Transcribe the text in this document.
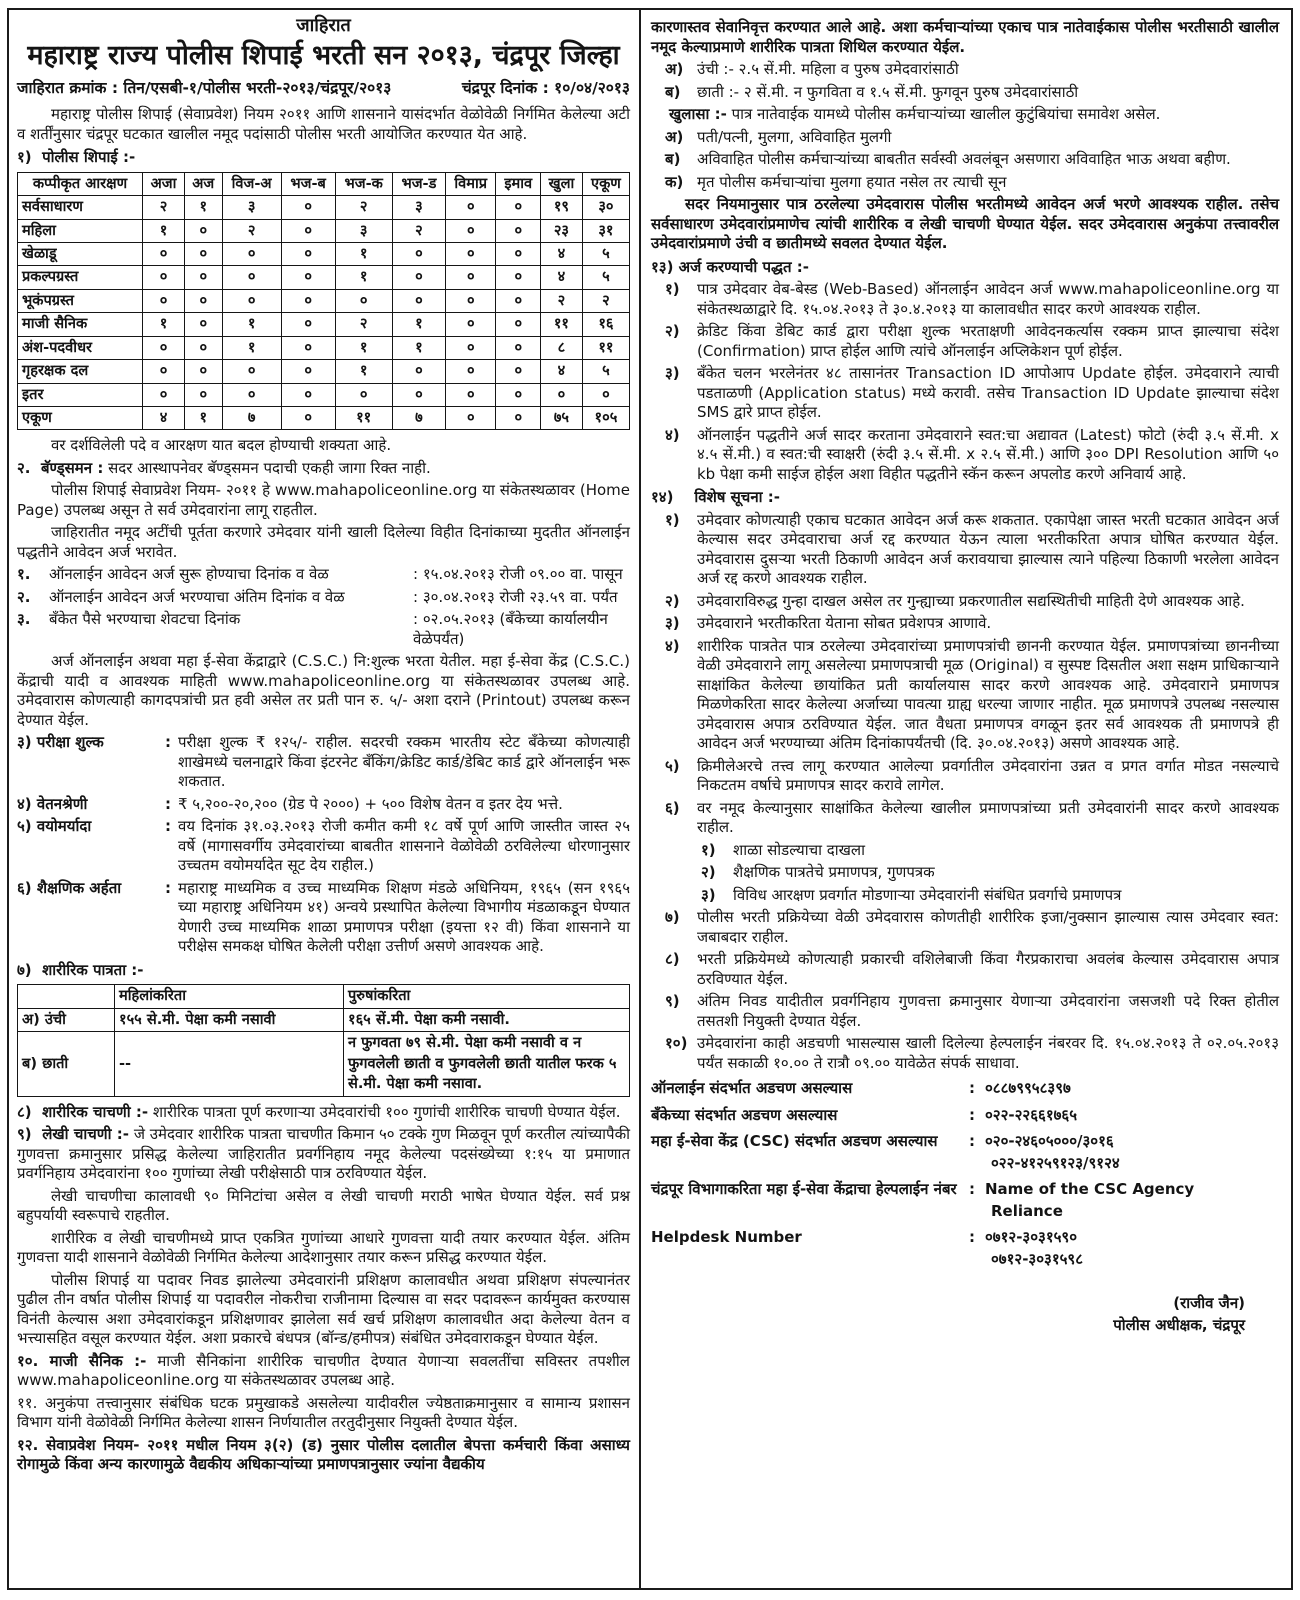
जाहिरात
महाराष्ट्र राज्य पोलीस शिपाई भरती सन २०१३, चंद्रपूर जिल्हा
जाहिरात क्रमांक : तिन/एसबी-१/पोलीस भरती-२०१३/चंद्रपूर/२०१३	चंद्रपूर दिनांक : १०/०४/२०१३
महाराष्ट्र पोलीस शिपाई (सेवाप्रवेश) नियम २०११ आणि शासनाने यासंदर्भात वेळोवेळी निर्गमित केलेल्या अटी व शर्तींनुसार चंद्रपूर घटकात खालील नमूद पदांसाठी पोलीस भरती आयोजित करण्यात येत आहे.
१)  पोलीस शिपाई :-
कप्पीकृत आरक्षण	अजा	अज	विज-अ	भज-ब	भज-क	भज-ड	विमाप्र	इमाव	खुला	एकूण
सर्वसाधारण	२	१	३	०	२	३	०	०	१९	३०
महिला	१	०	२	०	३	२	०	०	२३	३१
खेळाडू	०	०	०	०	१	०	०	०	४	५
प्रकल्पग्रस्त	०	०	०	०	१	०	०	०	४	५
भूकंपग्रस्त	०	०	०	०	०	०	०	०	२	२
माजी सैनिक	१	०	१	०	२	१	०	०	११	१६
अंश-पदवीधर	०	०	१	०	१	१	०	०	८	११
गृहरक्षक दल	०	०	०	०	१	०	०	०	४	५
इतर	०	०	०	०	०	०	०	०	०	०
एकूण	४	१	७	०	११	७	०	०	७५	१०५
वर दर्शविलेली पदे व आरक्षण यात बदल होण्याची शक्यता आहे.
२.  बॅण्ड्समन : सदर आस्थापनेवर बॅण्ड्समन पदाची एकही जागा रिक्त नाही.
पोलीस शिपाई सेवाप्रवेश नियम- २०११ हे www.mahapoliceonline.org या संकेतस्थळावर (Home Page) उपलब्ध असून ते सर्व उमेदवारांना लागू राहतील.
जाहिरातीत नमूद अटींची पूर्तता करणारे उमेदवार यांनी खाली दिलेल्या विहीत दिनांकाच्या मुदतीत ऑनलाईन पद्धतीने आवेदन अर्ज भरावेत.
१.	ऑनलाईन आवेदन अर्ज सुरू होण्याचा दिनांक व वेळ	: १५.०४.२०१३ रोजी ०९.०० वा. पासून
२.	ऑनलाईन आवेदन अर्ज भरण्याचा अंतिम दिनांक व वेळ	: ३०.०४.२०१३ रोजी २३.५९ वा. पर्यंत
३.	बँकेत पैसे भरण्याचा शेवटचा दिनांक	: ०२.०५.२०१३ (बँकेच्या कार्यालयीन वेळेपर्यंत)
अर्ज ऑनलाईन अथवा महा ई-सेवा केंद्राद्वारे (C.S.C.) नि:शुल्क भरता येतील. महा ई-सेवा केंद्र (C.S.C.) केंद्राची यादी व आवश्यक माहिती www.mahapoliceonline.org या संकेतस्थळावर उपलब्ध आहे. उमेदवारास कोणत्याही कागदपत्रांची प्रत हवी असेल तर प्रती पान रु. ५/- अशा दराने (Printout) उपलब्ध करून देण्यात येईल.
३) परीक्षा शुल्क	: परीक्षा शुल्क ₹ १२५/- राहील. सदरची रक्कम भारतीय स्टेट बँकेच्या कोणत्याही शाखेमध्ये चलनाद्वारे किंवा इंटरनेट बँकिंग/क्रेडिट कार्ड/डेबिट कार्ड द्वारे ऑनलाईन भरू शकतात.
४) वेतनश्रेणी	: ₹ ५,२००-२०,२०० (ग्रेड पे २०००) + ५०० विशेष वेतन व इतर देय भत्ते.
५) वयोमर्यादा	: वय दिनांक ३१.०३.२०१३ रोजी कमीत कमी १८ वर्षे पूर्ण आणि जास्तीत जास्त २५ वर्षे (मागासवर्गीय उमेदवारांच्या बाबतीत शासनाने वेळोवेळी ठरविलेल्या धोरणानुसार उच्चतम वयोमर्यादेत सूट देय राहील.)
६) शैक्षणिक अर्हता	: महाराष्ट्र माध्यमिक व उच्च माध्यमिक शिक्षण मंडळे अधिनियम, १९६५ (सन १९६५ च्या महाराष्ट्र अधिनियम ४१) अन्वये प्रस्थापित केलेल्या विभागीय मंडळाकडून घेण्यात येणारी उच्च माध्यमिक शाळा प्रमाणपत्र परीक्षा (इयत्ता १२ वी) किंवा शासनाने या परीक्षेस समकक्ष घोषित केलेली परीक्षा उत्तीर्ण असणे आवश्यक आहे.
७)  शारीरिक पात्रता :-
	महिलांकरिता	पुरुषांकरिता
अ) उंची	१५५ से.मी. पेक्षा कमी नसावी	१६५ सें.मी. पेक्षा कमी नसावी.
ब) छाती	--	न फुगवता ७९ से.मी. पेक्षा कमी नसावी व न फुगवलेली छाती व फुगवलेली छाती यातील फरक ५ से.मी. पेक्षा कमी नसावा.
८)  शारीरिक चाचणी :- शारीरिक पात्रता पूर्ण करणाऱ्या उमेदवारांची १०० गुणांची शारीरिक चाचणी घेण्यात येईल.
९)  लेखी चाचणी :- जे उमेदवार शारीरिक पात्रता चाचणीत किमान ५० टक्के गुण मिळवून पूर्ण करतील त्यांच्यापैकी गुणवत्ता क्रमानुसार प्रसिद्ध केलेल्या जाहिरातीत प्रवर्गनिहाय नमूद केलेल्या पदसंख्येच्या १:१५ या प्रमाणात प्रवर्गनिहाय उमेदवारांना १०० गुणांच्या लेखी परीक्षेसाठी पात्र ठरविण्यात येईल.
लेखी चाचणीचा कालावधी ९० मिनिटांचा असेल व लेखी चाचणी मराठी भाषेत घेण्यात येईल. सर्व प्रश्न बहुपर्यायी स्वरूपाचे राहतील.
शारीरिक व लेखी चाचणीमध्ये प्राप्त एकत्रित गुणांच्या आधारे गुणवत्ता यादी तयार करण्यात येईल. अंतिम गुणवत्ता यादी शासनाने वेळोवेळी निर्गमित केलेल्या आदेशानुसार तयार करून प्रसिद्ध करण्यात येईल.
पोलीस शिपाई या पदावर निवड झालेल्या उमेदवारांनी प्रशिक्षण कालावधीत अथवा प्रशिक्षण संपल्यानंतर पुढील तीन वर्षात पोलीस शिपाई या पदावरील नोकरीचा राजीनामा दिल्यास वा सदर पदावरून कार्यमुक्त करण्यास विनंती केल्यास अशा उमेदवारांकडून प्रशिक्षणावर झालेला सर्व खर्च प्रशिक्षण कालावधीत अदा केलेल्या वेतन व भत्त्यासहित वसूल करण्यात येईल. अशा प्रकारचे बंधपत्र (बॉन्ड/हमीपत्र) संबंधित उमेदवाराकडून घेण्यात येईल.
१०. माजी सैनिक :- माजी सैनिकांना शारीरिक चाचणीत देण्यात येणाऱ्या सवलतींचा सविस्तर तपशील www.mahapoliceonline.org या संकेतस्थळावर उपलब्ध आहे.
११. अनुकंपा तत्त्वानुसार संबंधिक घटक प्रमुखाकडे असलेल्या यादीवरील ज्येष्ठताक्रमानुसार व सामान्य प्रशासन विभाग यांनी वेळोवेळी निर्गमित केलेल्या शासन निर्णयातील तरतुदीनुसार नियुक्ती देण्यात येईल.
१२. सेवाप्रवेश नियम- २०११ मधील नियम ३(२) (ड) नुसार पोलीस दलातील बेपत्ता कर्मचारी किंवा असाध्य रोगामुळे किंवा अन्य कारणामुळे वैद्यकीय अधिकाऱ्यांच्या प्रमाणपत्रानुसार ज्यांना वैद्यकीय
कारणास्तव सेवानिवृत्त करण्यात आले आहे. अशा कर्मचाऱ्यांच्या एकाच पात्र नातेवाईकास पोलीस भरतीसाठी खालील नमूद केल्याप्रमाणे शारीरिक पात्रता शिथिल करण्यात येईल.
अ) उंची :- २.५ सें.मी. महिला व पुरुष उमेदवारांसाठी
ब)	छाती :- २ सें.मी. न फुगविता व १.५ सें.मी. फुगवून पुरुष उमेदवारांसाठी
खुलासा :- पात्र नातेवाईक यामध्ये पोलीस कर्मचाऱ्यांच्या खालील कुटुंबियांचा समावेश असेल.
अ) पती/पत्नी, मुलगा, अविवाहित मुलगी
ब)	अविवाहित पोलीस कर्मचाऱ्यांच्या बाबतीत सर्वस्वी अवलंबून असणारा अविवाहित भाऊ अथवा बहीण.
क) मृत पोलीस कर्मचाऱ्यांचा मुलगा हयात नसेल तर त्याची सून
सदर नियमानुसार पात्र ठरलेल्या उमेदवारास पोलीस भरतीमध्ये आवेदन अर्ज भरणे आवश्यक राहील. तसेच सर्वसाधारण उमेदवारांप्रमाणेच त्यांची शारीरिक व लेखी चाचणी घेण्यात येईल. सदर उमेदवारास अनुकंपा तत्त्वावरील उमेदवारांप्रमाणे उंची व छातीमध्ये सवलत देण्यात येईल.
१३) अर्ज करण्याची पद्धत :-
१)	पात्र उमेदवार वेब-बेस्ड (Web-Based) ऑनलाईन आवेदन अर्ज www.mahapoliceonline.org या संकेतस्थळाद्वारे दि. १५.०४.२०१३ ते ३०.४.२०१३ या कालावधीत सादर करणे आवश्यक राहील.
२)	क्रेडिट किंवा डेबिट कार्ड द्वारा परीक्षा शुल्क भरताक्षणी आवेदनकर्त्यास रक्कम प्राप्त झाल्याचा संदेश (Confirmation) प्राप्त होईल आणि त्यांचे ऑनलाईन अप्लिकेशन पूर्ण होईल.
३)	बँकेत चलन भरलेनंतर ४८ तासानंतर Transaction ID आपोआप Update होईल. उमेदवाराने त्याची पडताळणी (Application status) मध्ये करावी. तसेच Transaction ID Update झाल्याचा संदेश SMS द्वारे प्राप्त होईल.
४)	ऑनलाईन पद्धतीने अर्ज सादर करताना उमेदवाराने स्वत:चा अद्यावत (Latest) फोटो (रुंदी ३.५ सें.मी. x ४.५ सें.मी.) व स्वत:ची स्वाक्षरी (रुंदी ३.५ सें.मी. x २.५ सें.मी.) आणि ३०० DPI Resolution आणि ५० kb पेक्षा कमी साईज होईल अशा विहीत पद्धतीने स्कॅन करून अपलोड करणे अनिवार्य आहे.
१४)    विशेष सूचना :-
१)	उमेदवार कोणत्याही एकाच घटकात आवेदन अर्ज करू शकतात. एकापेक्षा जास्त भरती घटकात आवेदन अर्ज केल्यास सदर उमेदवाराचा अर्ज रद्द करण्यात येऊन त्याला भरतीकरिता अपात्र घोषित करण्यात येईल. उमेदवारास दुसऱ्या भरती ठिकाणी आवेदन अर्ज करावयाचा झाल्यास त्याने पहिल्या ठिकाणी भरलेला आवेदन अर्ज रद्द करणे आवश्यक राहील.
२)	उमेदवाराविरुद्ध गुन्हा दाखल असेल तर गुन्ह्याच्या प्रकरणातील सद्यस्थितीची माहिती देणे आवश्यक आहे.
३)	उमेदवाराने भरतीकरिता येताना सोबत प्रवेशपत्र आणावे.
४)	शारीरिक पात्रतेत पात्र ठरलेल्या उमेदवारांच्या प्रमाणपत्रांची छाननी करण्यात येईल. प्रमाणपत्रांच्या छाननीच्या वेळी उमेदवाराने लागू असलेल्या प्रमाणपत्राची मूळ (Original) व सुस्पष्ट दिसतील अशा सक्षम प्राधिकाऱ्याने साक्षांकित केलेल्या छायांकित प्रती कार्यालयास सादर करणे आवश्यक आहे. उमेदवाराने प्रमाणपत्र मिळणेकरिता सादर केलेल्या अर्जाच्या पावत्या ग्राह्य धरल्या जाणार नाहीत. मूळ प्रमाणपत्रे उपलब्ध नसल्यास उमेदवारास अपात्र ठरविण्यात येईल. जात वैधता प्रमाणपत्र वगळून इतर सर्व आवश्यक ती प्रमाणपत्रे ही आवेदन अर्ज भरण्याच्या अंतिम दिनांकापर्यंतची (दि. ३०.०४.२०१३) असणे आवश्यक आहे.
५)	क्रिमीलेअरचे तत्त्व लागू करण्यात आलेल्या प्रवर्गातील उमेदवारांना उन्नत व प्रगत वर्गात मोडत नसल्याचे निकटतम वर्षाचे प्रमाणपत्र सादर करावे लागेल.
६)	वर नमूद केल्यानुसार साक्षांकित केलेल्या खालील प्रमाणपत्रांच्या प्रती उमेदवारांनी सादर करणे आवश्यक राहील.
१)	शाळा सोडल्याचा दाखला
२)	शैक्षणिक पात्रतेचे प्रमाणपत्र, गुणपत्रक
३)	विविध आरक्षण प्रवर्गात मोडणाऱ्या उमेदवारांनी संबंधित प्रवर्गाचे प्रमाणपत्र
७)	पोलीस भरती प्रक्रियेच्या वेळी उमेदवारास कोणतीही शारीरिक इजा/नुक्सान झाल्यास त्यास उमेदवार स्वत: जबाबदार राहील.
८)	भरती प्रक्रियेमध्ये कोणत्याही प्रकारची वशिलेबाजी किंवा गैरप्रकाराचा अवलंब केल्यास उमेदवारास अपात्र ठरविण्यात येईल.
९)	अंतिम निवड यादीतील प्रवर्गनिहाय गुणवत्ता क्रमानुसार येणाऱ्या उमेदवारांना जसजशी पदे रिक्त होतील तसतशी नियुक्ती देण्यात येईल.
१०) उमेदवारांना काही अडचणी भासल्यास खाली दिलेल्या हेल्पलाईन नंबरवर दि. १५.०४.२०१३ ते ०२.०५.२०१३ पर्यंत सकाळी १०.०० ते रात्रौ ०९.०० यावेळेत संपर्क साधावा.
ऑनलाईन संदर्भात अडचण असल्यास	: ०८८७९९५८३९७
बँकेच्या संदर्भात अडचण असल्यास	: ०२२-२२६६१७६५
महा ई-सेवा केंद्र (CSC) संदर्भात अडचण असल्यास	: ०२०-२४६०५०००/३०१६
०२२-४१२५९१२३/९१२४
चंद्रपूर विभागाकरिता महा ई-सेवा केंद्राचा हेल्पलाईन नंबर : Name of the CSC Agency
Reliance
Helpdesk Number	: ०७१२-३०३१५९०
०७१२-३०३१५९८
(राजीव जैन)
पोलीस अधीक्षक, चंद्रपूर
